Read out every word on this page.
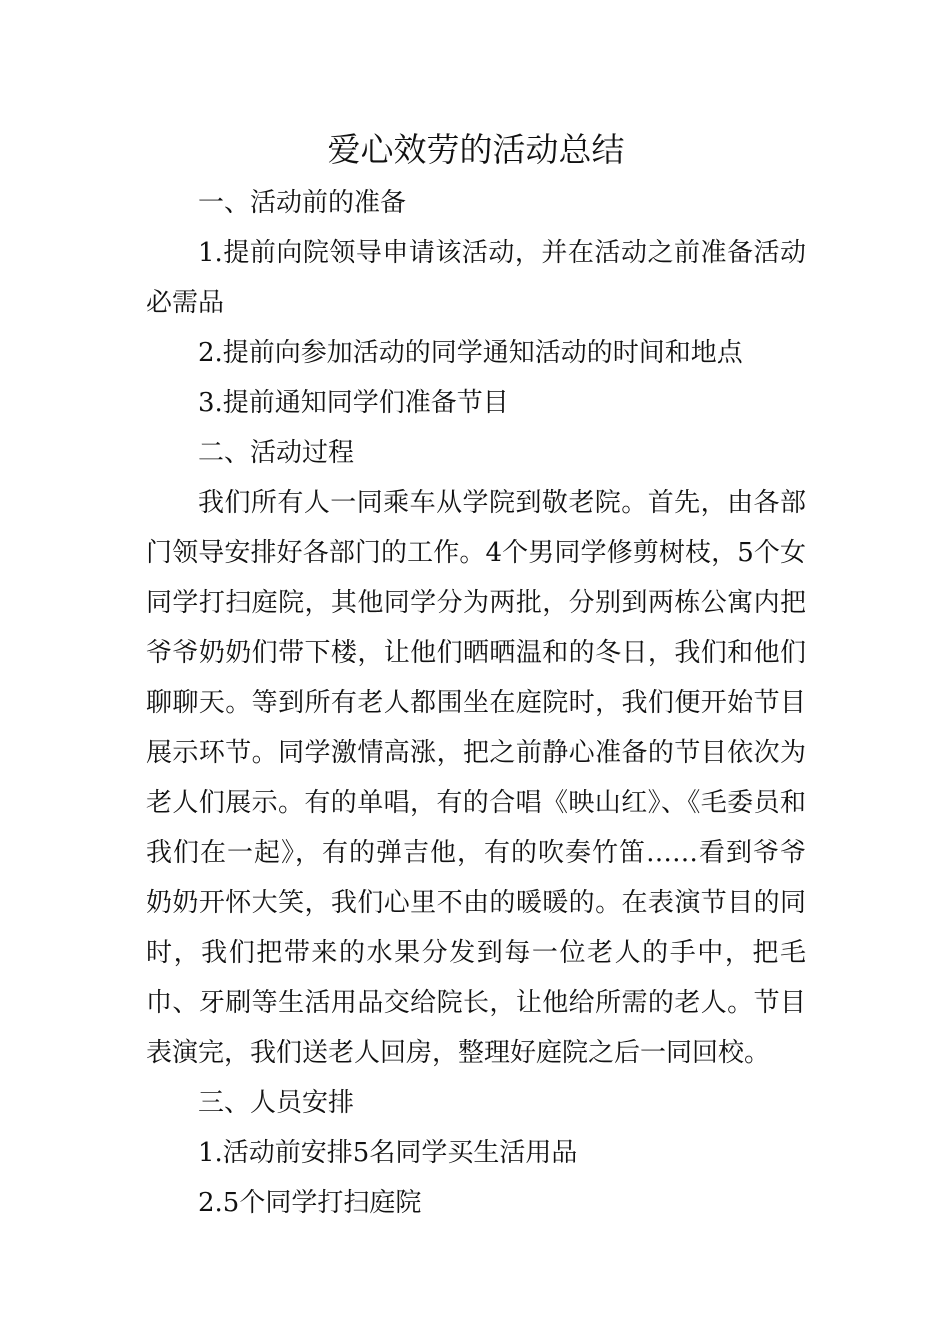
爱心效劳的活动总结

一、活动前的准备

1.提前向院领导申请该活动，并在活动之前准备活动必需品

2.提前向参加活动的同学通知活动的时间和地点

3.提前通知同学们准备节目

二、活动过程

我们所有人一同乘车从学院到敬老院。首先，由各部门领导安排好各部门的工作。4个男同学修剪树枝，5个女同学打扫庭院，其他同学分为两批，分别到两栋公寓内把爷爷奶奶们带下楼，让他们晒晒温和的冬日，我们和他们聊聊天。等到所有老人都围坐在庭院时，我们便开始节目展示环节。同学激情高涨，把之前静心准备的节目依次为老人们展示。有的单唱，有的合唱《映山红》、《毛委员和我们在一起》，有的弹吉他，有的吹奏竹笛……看到爷爷奶奶开怀大笑，我们心里不由的暖暖的。在表演节目的同时，我们把带来的水果分发到每一位老人的手中，把毛巾、牙刷等生活用品交给院长，让他给所需的老人。节目表演完，我们送老人回房，整理好庭院之后一同回校。

三、人员安排

1.活动前安排5名同学买生活用品

2.5个同学打扫庭院
